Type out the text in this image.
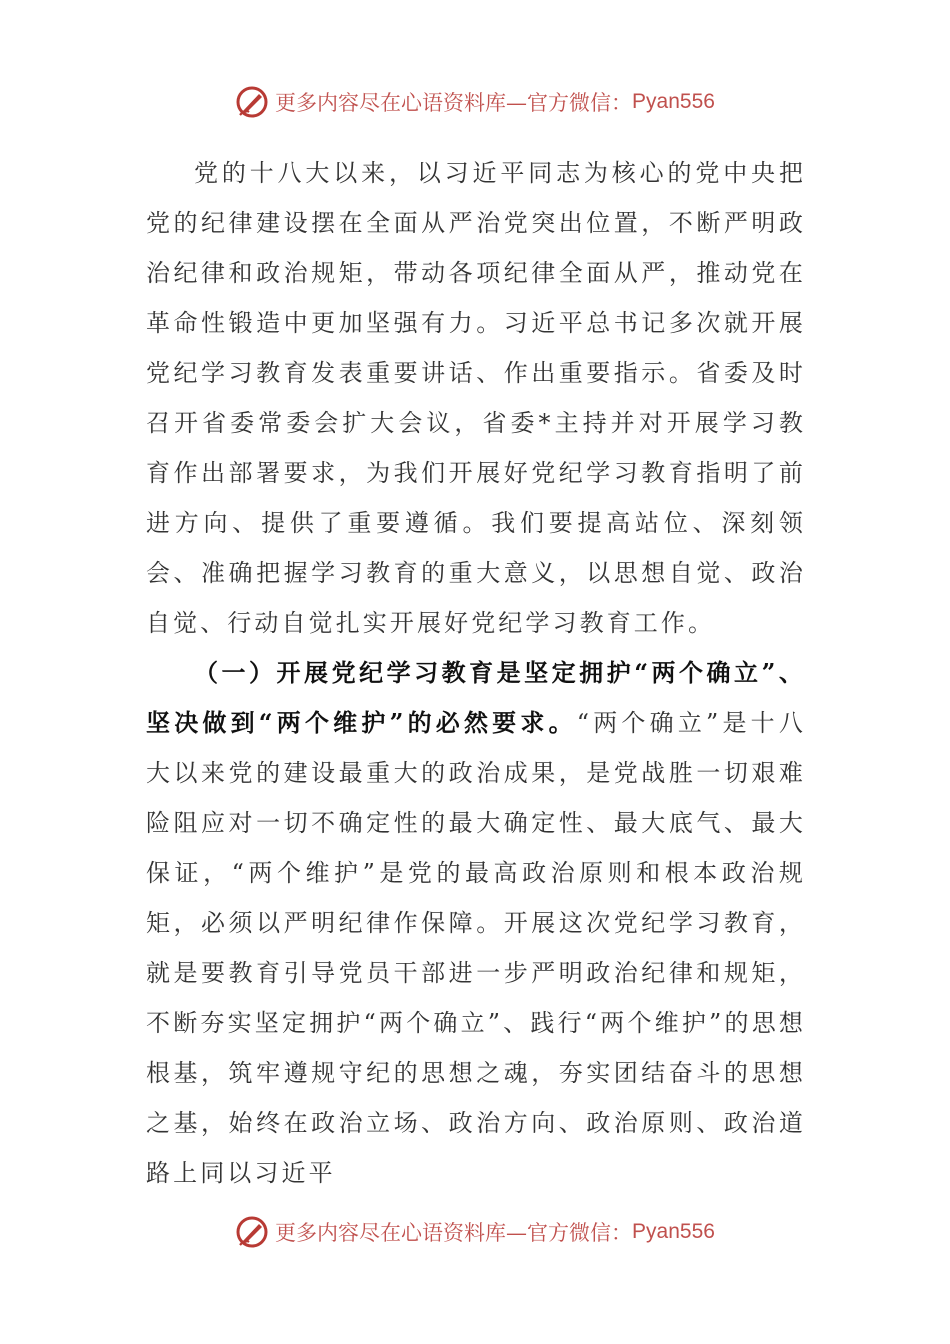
更多内容尽在心语资料库—官方微信： Pyan556

党的十八大以来，以习近平同志为核心的党中央把党的纪律建设摆在全面从严治党突出位置，不断严明政治纪律和政治规矩，带动各项纪律全面从严，推动党在革命性锻造中更加坚强有力。习近平总书记多次就开展党纪学习教育发表重要讲话、作出重要指示。省委及时召开省委常委会扩大会议，省委*主持并对开展学习教育作出部署要求，为我们开展好党纪学习教育指明了前进方向、提供了重要遵循。我们要提高站位、深刻领会、准确把握学习教育的重大意义，以思想自觉、政治自觉、行动自觉扎实开展好党纪学习教育工作。

（一）开展党纪学习教育是坚定拥护“两个确立”、坚决做到“两个维护”的必然要求。“两个确立”是十八大以来党的建设最重大的政治成果，是党战胜一切艰难险阻应对一切不确定性的最大确定性、最大底气、最大保证，“两个维护”是党的最高政治原则和根本政治规矩，必须以严明纪律作保障。开展这次党纪学习教育，就是要教育引导党员干部进一步严明政治纪律和规矩，不断夯实坚定拥护“两个确立”、践行“两个维护”的思想根基，筑牢遵规守纪的思想之魂，夯实团结奋斗的思想之基，始终在政治立场、政治方向、政治原则、政治道路上同以习近平

更多内容尽在心语资料库—官方微信： Pyan556
